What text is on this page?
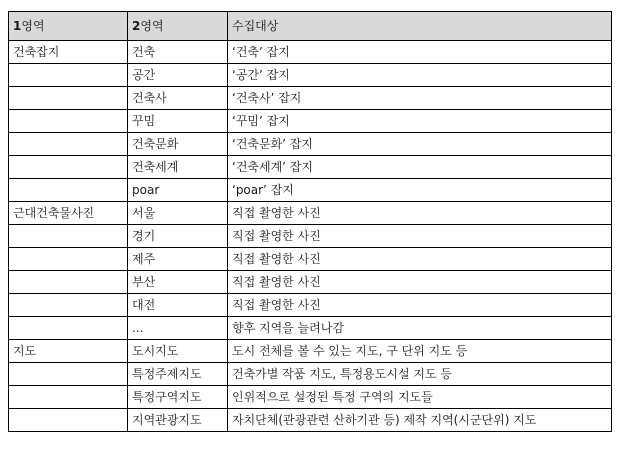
1영역	2영역	수집대상
건축잡지	건축	‘건축’ 잡지
	공간	‘공간’ 잡지
	건축사	‘건축사’ 잡지
	꾸밈	‘꾸밈’ 잡지
	건축문화	‘건축문화’ 잡지
	건축세계	‘건축세계’ 잡지
	poar	‘poar’ 잡지
근대건축물사진	서울	직접 촬영한 사진
	경기	직접 촬영한 사진
	제주	직접 촬영한 사진
	부산	직접 촬영한 사진
	대전	직접 촬영한 사진
	...	향후 지역을 늘려나감
지도	도시지도	도시 전체를 볼 수 있는 지도, 구 단위 지도 등
	특정주제지도	건축가별 작품 지도, 특정용도시설 지도 등
	특정구역지도	인위적으로 설정된 특정 구역의 지도들
	지역관광지도	자치단체(관광관련 산하기관 등) 제작 지역(시군단위) 지도
